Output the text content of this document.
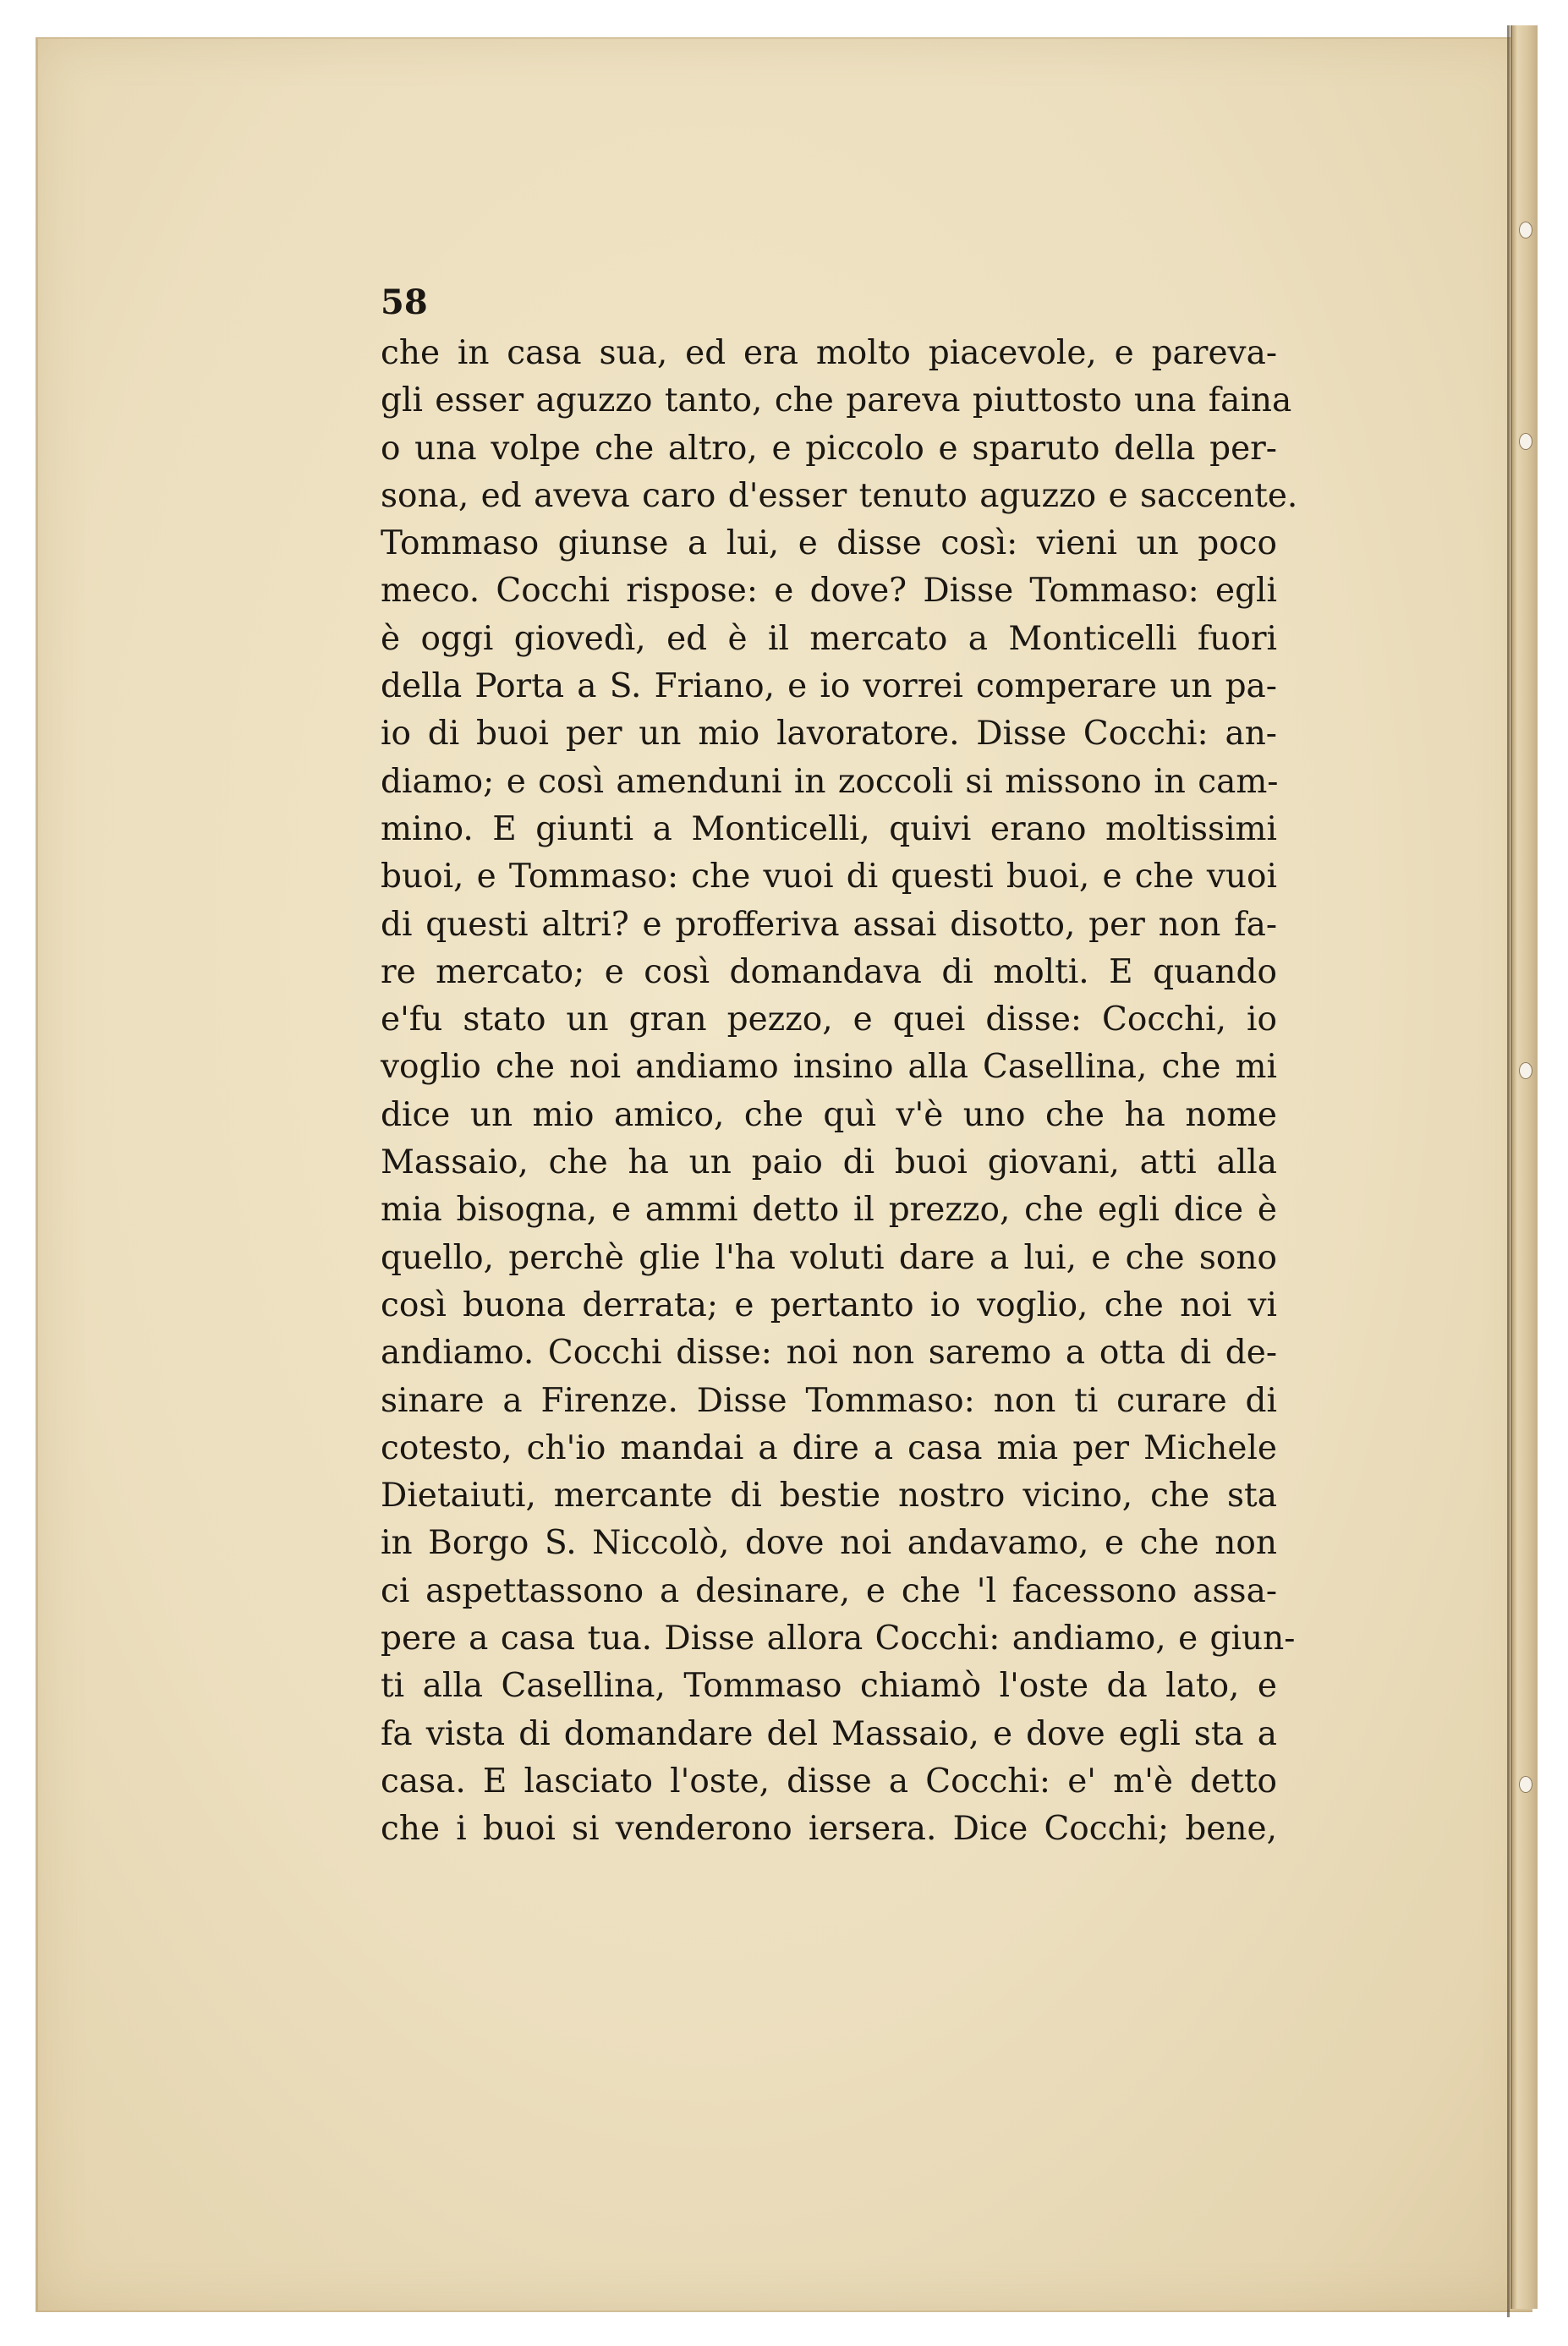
58
che in casa sua, ed era molto piacevole, e pareva-
gli esser aguzzo tanto, che pareva piuttosto una faina
o una volpe che altro, e piccolo e sparuto della per-
sona, ed aveva caro d'esser tenuto aguzzo e saccente.
Tommaso giunse a lui, e disse così: vieni un poco
meco. Cocchi rispose: e dove? Disse Tommaso: egli
è oggi giovedì, ed è il mercato a Monticelli fuori
della Porta a S. Friano, e io vorrei comperare un pa-
io di buoi per un mio lavoratore. Disse Cocchi: an-
diamo; e così amenduni in zoccoli si missono in cam-
mino. E giunti a Monticelli, quivi erano moltissimi
buoi, e Tommaso: che vuoi di questi buoi, e che vuoi
di questi altri? e profferiva assai disotto, per non fa-
re mercato; e così domandava di molti. E quando
e'fu stato un gran pezzo, e quei disse: Cocchi, io
voglio che noi andiamo insino alla Casellina, che mi
dice un mio amico, che quì v'è uno che ha nome
Massaio, che ha un paio di buoi giovani, atti alla
mia bisogna, e ammi detto il prezzo, che egli dice è
quello, perchè glie l'ha voluti dare a lui, e che sono
così buona derrata; e pertanto io voglio, che noi vi
andiamo. Cocchi disse: noi non saremo a otta di de-
sinare a Firenze. Disse Tommaso: non ti curare di
cotesto, ch'io mandai a dire a casa mia per Michele
Dietaiuti, mercante di bestie nostro vicino, che sta
in Borgo S. Niccolò, dove noi andavamo, e che non
ci aspettassono a desinare, e che 'l facessono assa-
pere a casa tua. Disse allora Cocchi: andiamo, e giun-
ti alla Casellina, Tommaso chiamò l'oste da lato, e
fa vista di domandare del Massaio, e dove egli sta a
casa. E lasciato l'oste, disse a Cocchi: e' m'è detto
che i buoi si venderono iersera. Dice Cocchi; bene,
